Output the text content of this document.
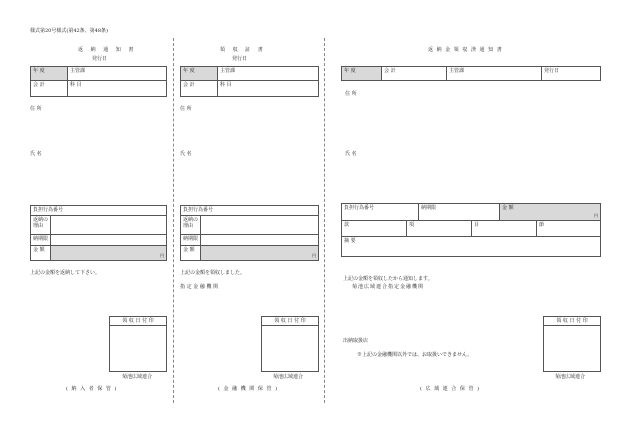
様式第20号様式(第42条、第48条)
返 納 通 知 書
発行日
年 度	主管課
会 計	科 目
住 所
氏 名
負担行為番号
返納の
理由
納期限
金 額
円
上記の金額を返納して下さい。
領 収 日 付 印
菊池広域連合
( 納 入 者 保 管 )
領 収 証 書
発行日
年 度	主管課
会 計	科 目
住 所
氏 名
負担行為番号
返納の
理由
納期限
金 額
円
上記の金額を領収しました。
指 定 金 融 機 関
領 収 日 付 印
菊池広域連合
( 金 融 機 関 保 管 )
返 納 金 領 収 済 通 知 書
年 度	会 計	主管課	発行日
住 所
氏 名
負担行為番号	納期限	金 額
円
款	項	目	節
摘 要
上記の金額を領収したから通知します。
菊池広域連合指定金融機関
出納取扱店
※上記の金融機関以外では、お取扱いできません。
領 収 日 付 印
菊池広域連合
( 広 域 連 合 保 管 )
